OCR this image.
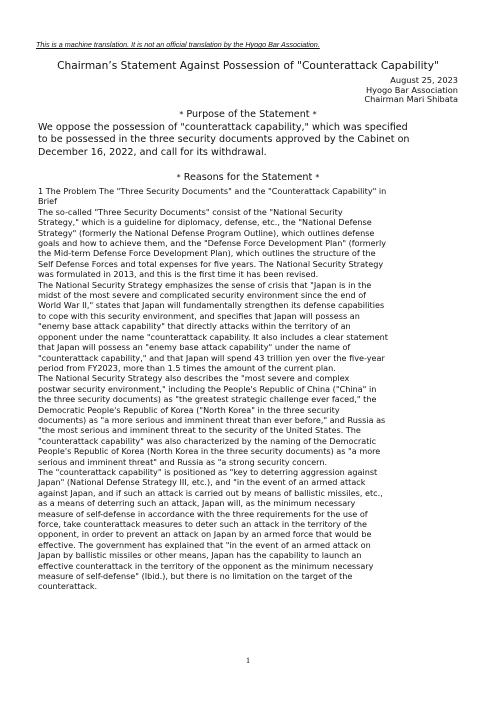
This is a machine translation. It is not an official translation by the Hyogo Bar Association.
Chairman’s Statement Against Possession of "Counterattack Capability"
August 25, 2023
Hyogo Bar Association
Chairman Mari Shibata
* Purpose of the Statement *
We oppose the possession of "counterattack capability," which was specified
to be possessed in the three security documents approved by the Cabinet on
December 16, 2022, and call for its withdrawal.
* Reasons for the Statement *
1 The Problem The "Three Security Documents" and the "Counterattack Capability" in
Brief
The so-called "Three Security Documents" consist of the "National Security
Strategy," which is a guideline for diplomacy, defense, etc., the "National Defense
Strategy" (formerly the National Defense Program Outline), which outlines defense
goals and how to achieve them, and the "Defense Force Development Plan" (formerly
the Mid-term Defense Force Development Plan), which outlines the structure of the
Self Defense Forces and total expenses for five years. The National Security Strategy
was formulated in 2013, and this is the first time it has been revised.
The National Security Strategy emphasizes the sense of crisis that "Japan is in the
midst of the most severe and complicated security environment since the end of
World War II," states that Japan will fundamentally strengthen its defense capabilities
to cope with this security environment, and specifies that Japan will possess an
"enemy base attack capability" that directly attacks within the territory of an
opponent under the name "counterattack capability. It also includes a clear statement
that Japan will possess an "enemy base attack capability" under the name of
"counterattack capability," and that Japan will spend 43 trillion yen over the five-year
period from FY2023, more than 1.5 times the amount of the current plan.
The National Security Strategy also describes the "most severe and complex
postwar security environment," including the People's Republic of China ("China" in
the three security documents) as "the greatest strategic challenge ever faced," the
Democratic People's Republic of Korea ("North Korea" in the three security
documents) as "a more serious and imminent threat than ever before," and Russia as
"the most serious and imminent threat to the security of the United States. The
"counterattack capability" was also characterized by the naming of the Democratic
People's Republic of Korea (North Korea in the three security documents) as "a more
serious and imminent threat" and Russia as "a strong security concern.
The "counterattack capability" is positioned as "key to deterring aggression against
Japan" (National Defense Strategy III, etc.), and "in the event of an armed attack
against Japan, and if such an attack is carried out by means of ballistic missiles, etc.,
as a means of deterring such an attack, Japan will, as the minimum necessary
measure of self-defense in accordance with the three requirements for the use of
force, take counterattack measures to deter such an attack in the territory of the
opponent, in order to prevent an attack on Japan by an armed force that would be
effective. The government has explained that "in the event of an armed attack on
Japan by ballistic missiles or other means, Japan has the capability to launch an
effective counterattack in the territory of the opponent as the minimum necessary
measure of self-defense" (Ibid.), but there is no limitation on the target of the
counterattack.
1
